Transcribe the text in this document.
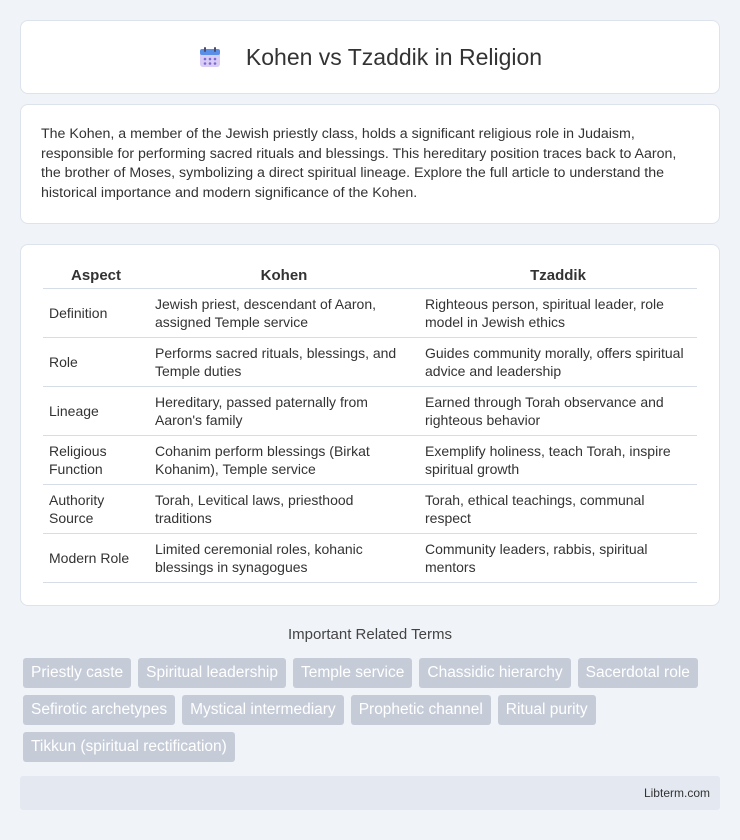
Kohen vs Tzaddik in Religion

The Kohen, a member of the Jewish priestly class, holds a significant religious role in Judaism, responsible for performing sacred rituals and blessings. This hereditary position traces back to Aaron, the brother of Moses, symbolizing a direct spiritual lineage. Explore the full article to understand the historical importance and modern significance of the Kohen.

Aspect	Kohen	Tzaddik
Definition	Jewish priest, descendant of Aaron, assigned Temple service	Righteous person, spiritual leader, role model in Jewish ethics
Role	Performs sacred rituals, blessings, and Temple duties	Guides community morally, offers spiritual advice and leadership
Lineage	Hereditary, passed paternally from Aaron's family	Earned through Torah observance and righteous behavior
Religious Function	Cohanim perform blessings (Birkat Kohanim), Temple service	Exemplify holiness, teach Torah, inspire spiritual growth
Authority Source	Torah, Levitical laws, priesthood traditions	Torah, ethical teachings, communal respect
Modern Role	Limited ceremonial roles, kohanic blessings in synagogues	Community leaders, rabbis, spiritual mentors
Important Related Terms
Priestly caste	Spiritual leadership	Temple service	Chassidic hierarchy	Sacerdotal role
Sefirotic archetypes	Mystical intermediary	Prophetic channel	Ritual purity
Tikkun (spiritual rectification)
Libterm.com
